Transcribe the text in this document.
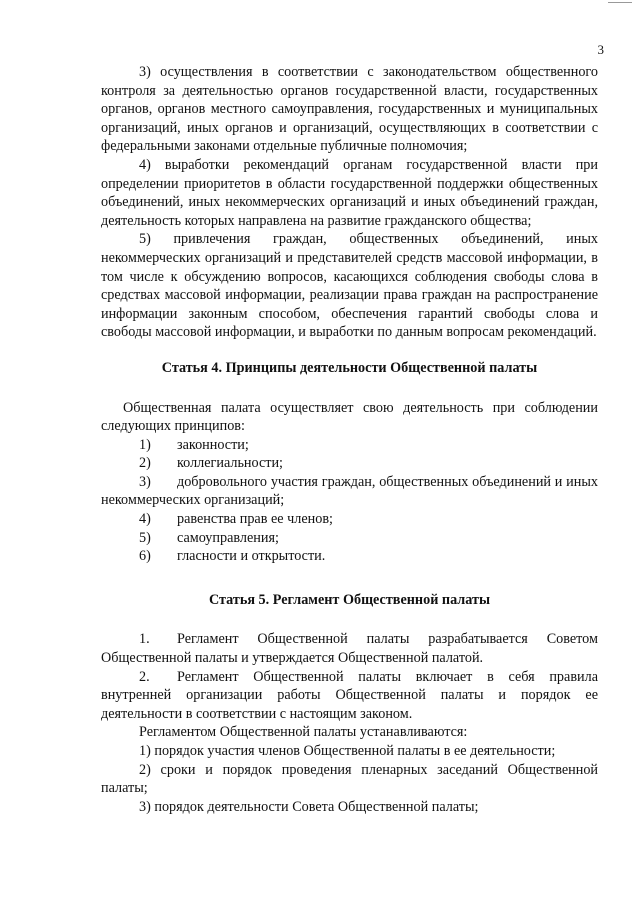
3

3) осуществления в соответствии с законодательством общественного контроля за деятельностью органов государственной власти, государственных органов, органов местного самоуправления, государственных и муниципальных организаций, иных органов и организаций, осуществляющих в соответствии с федеральными законами отдельные публичные полномочия;

4) выработки рекомендаций органам государственной власти при определении приоритетов в области государственной поддержки общественных объединений, иных некоммерческих организаций и иных объединений граждан, деятельность которых направлена на развитие гражданского общества;

5) привлечения граждан, общественных объединений, иных некоммерческих организаций и представителей средств массовой информации, в том числе к обсуждению вопросов, касающихся соблюдения свободы слова в средствах массовой информации, реализации права граждан на распространение информации законным способом, обеспечения гарантий свободы слова и свободы массовой информации, и выработки по данным вопросам рекомендаций.

Статья 4. Принципы деятельности Общественной палаты

Общественная палата осуществляет свою деятельность при соблюдении следующих принципов:

1)	законности;
2)	коллегиальности;
3) добровольного участия граждан, общественных объединений и иных некоммерческих организаций;
4)	равенства прав ее членов;
5)	самоуправления;
6)	гласности и открытости.

Статья 5. Регламент Общественной палаты

1. Регламент Общественной палаты разрабатывается Советом Общественной палаты и утверждается Общественной палатой.
2. Регламент Общественной палаты включает в себя правила внутренней организации работы Общественной палаты и порядок ее деятельности в соответствии с настоящим законом.

Регламентом Общественной палаты устанавливаются:

1) порядок участия членов Общественной палаты в ее деятельности;

2) сроки и порядок проведения пленарных заседаний Общественной палаты;

3) порядок деятельности Совета Общественной палаты;
